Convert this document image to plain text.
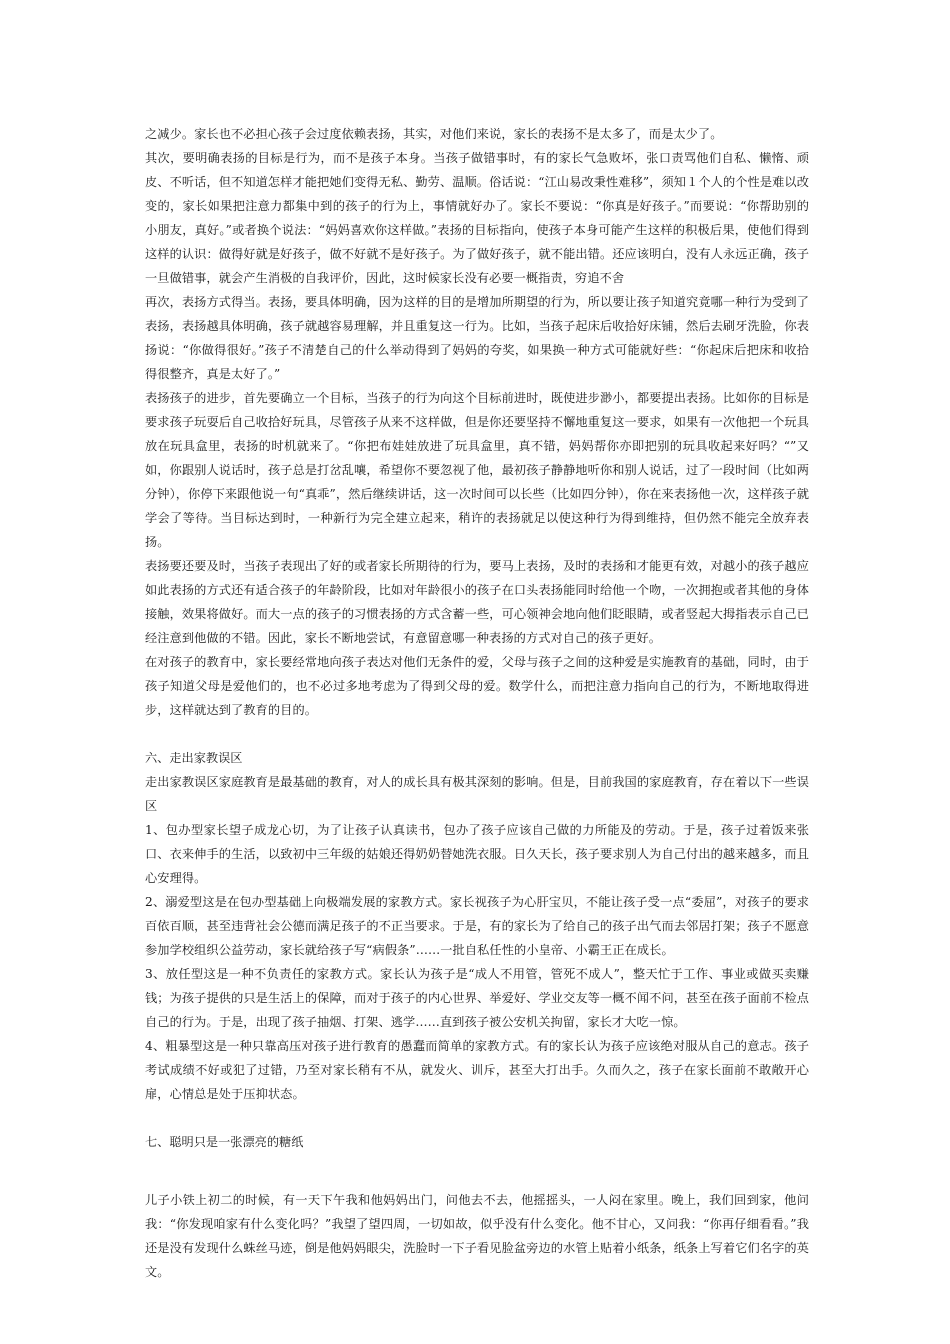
之减少。家长也不必担心孩子会过度依赖表扬，其实，对他们来说，家长的表扬不是太多了，而是太少了。

其次，要明确表扬的目标是行为，而不是孩子本身。当孩子做错事时，有的家长气急败坏，张口责骂他们自私、懒惰、顽皮、不听话，但不知道怎样才能把她们变得无私、勤劳、温顺。俗话说：“江山易改秉性难移”，须知１个人的个性是难以改变的，家长如果把注意力都集中到的孩子的行为上，事情就好办了。家长不要说：“你真是好孩子。”而要说：“你帮助别的小朋友，真好。”或者换个说法：“妈妈喜欢你这样做。”表扬的目标指向，使孩子本身可能产生这样的积极后果，使他们得到这样的认识：做得好就是好孩子，做不好就不是好孩子。为了做好孩子，就不能出错。还应该明白，没有人永远正确，孩子一旦做错事，就会产生消极的自我评价，因此，这时候家长没有必要一概指责，穷追不舍

再次，表扬方式得当。表扬，要具体明确，因为这样的目的是增加所期望的行为，所以要让孩子知道究竟哪一种行为受到了表扬，表扬越具体明确，孩子就越容易理解，并且重复这一行为。比如，当孩子起床后收拾好床铺，然后去刷牙洗脸，你表扬说：“你做得很好。”孩子不清楚自己的什么举动得到了妈妈的夸奖，如果换一种方式可能就好些：“你起床后把床和收拾得很整齐，真是太好了。”

表扬孩子的进步，首先要确立一个目标，当孩子的行为向这个目标前进时，既使进步渺小，都要提出表扬。比如你的目标是要求孩子玩耍后自己收拾好玩具，尽管孩子从来不这样做，但是你还要坚持不懈地重复这一要求，如果有一次他把一个玩具放在玩具盒里，表扬的时机就来了。“你把布娃娃放进了玩具盒里，真不错，妈妈帮你亦即把别的玩具收起来好吗？“”又如，你跟别人说话时，孩子总是打岔乱嚷，希望你不要忽视了他，最初孩子静静地听你和别人说话，过了一段时间（比如两分钟），你停下来跟他说一句“真乖”，然后继续讲话，这一次时间可以长些（比如四分钟），你在来表扬他一次，这样孩子就学会了等待。当目标达到时，一种新行为完全建立起来，稍许的表扬就足以使这种行为得到维持，但仍然不能完全放弃表扬。

表扬要还要及时，当孩子表现出了好的或者家长所期待的行为，要马上表扬，及时的表扬和才能更有效，对越小的孩子越应如此表扬的方式还有适合孩子的年龄阶段，比如对年龄很小的孩子在口头表扬能同时给他一个吻，一次拥抱或者其他的身体接触，效果将做好。而大一点的孩子的习惯表扬的方式含蓄一些，可心领神会地向他们眨眼睛，或者竖起大拇指表示自己已经注意到他做的不错。因此，家长不断地尝试，有意留意哪一种表扬的方式对自己的孩子更好。

在对孩子的教育中，家长要经常地向孩子表达对他们无条件的爱，父母与孩子之间的这种爱是实施教育的基础，同时，由于孩子知道父母是爱他们的，也不必过多地考虑为了得到父母的爱。数学什么，而把注意力指向自己的行为，不断地取得进步，这样就达到了教育的目的。

六、走出家教误区

走出家教误区家庭教育是最基础的教育，对人的成长具有极其深刻的影响。但是，目前我国的家庭教育，存在着以下一些误区

1、包办型家长望子成龙心切，为了让孩子认真读书，包办了孩子应该自己做的力所能及的劳动。于是，孩子过着饭来张口、衣来伸手的生活，以致初中三年级的姑娘还得奶奶替她洗衣服。日久天长，孩子要求别人为自己付出的越来越多，而且心安理得。

2、溺爱型这是在包办型基础上向极端发展的家教方式。家长视孩子为心肝宝贝，不能让孩子受一点“委屈”，对孩子的要求百依百顺，甚至违背社会公德而满足孩子的不正当要求。于是，有的家长为了给自己的孩子出气而去邻居打架；孩子不愿意参加学校组织公益劳动，家长就给孩子写“病假条”……一批自私任性的小皇帝、小霸王正在成长。

3、放任型这是一种不负责任的家教方式。家长认为孩子是“成人不用管，管死不成人”，整天忙于工作、事业或做买卖赚钱；为孩子提供的只是生活上的保障，而对于孩子的内心世界、举爱好、学业交友等一概不闻不问，甚至在孩子面前不检点自己的行为。于是，出现了孩子抽烟、打架、逃学……直到孩子被公安机关拘留，家长才大吃一惊。

4、粗暴型这是一种只靠高压对孩子进行教育的愚蠢而简单的家教方式。有的家长认为孩子应该绝对服从自己的意志。孩子考试成绩不好或犯了过错，乃至对家长稍有不从，就发火、训斥，甚至大打出手。久而久之，孩子在家长面前不敢敞开心扉，心情总是处于压抑状态。

七、聪明只是一张漂亮的糖纸

儿子小铁上初二的时候，有一天下午我和他妈妈出门，问他去不去，他摇摇头，一人闷在家里。晚上，我们回到家，他问我：“你发现咱家有什么变化吗？”我望了望四周，一切如故，似乎没有什么变化。他不甘心，又问我：“你再仔细看看。”我还是没有发现什么蛛丝马迹，倒是他妈妈眼尖，洗脸时一下子看见脸盆旁边的水管上贴着小纸条，纸条上写着它们名字的英文。
